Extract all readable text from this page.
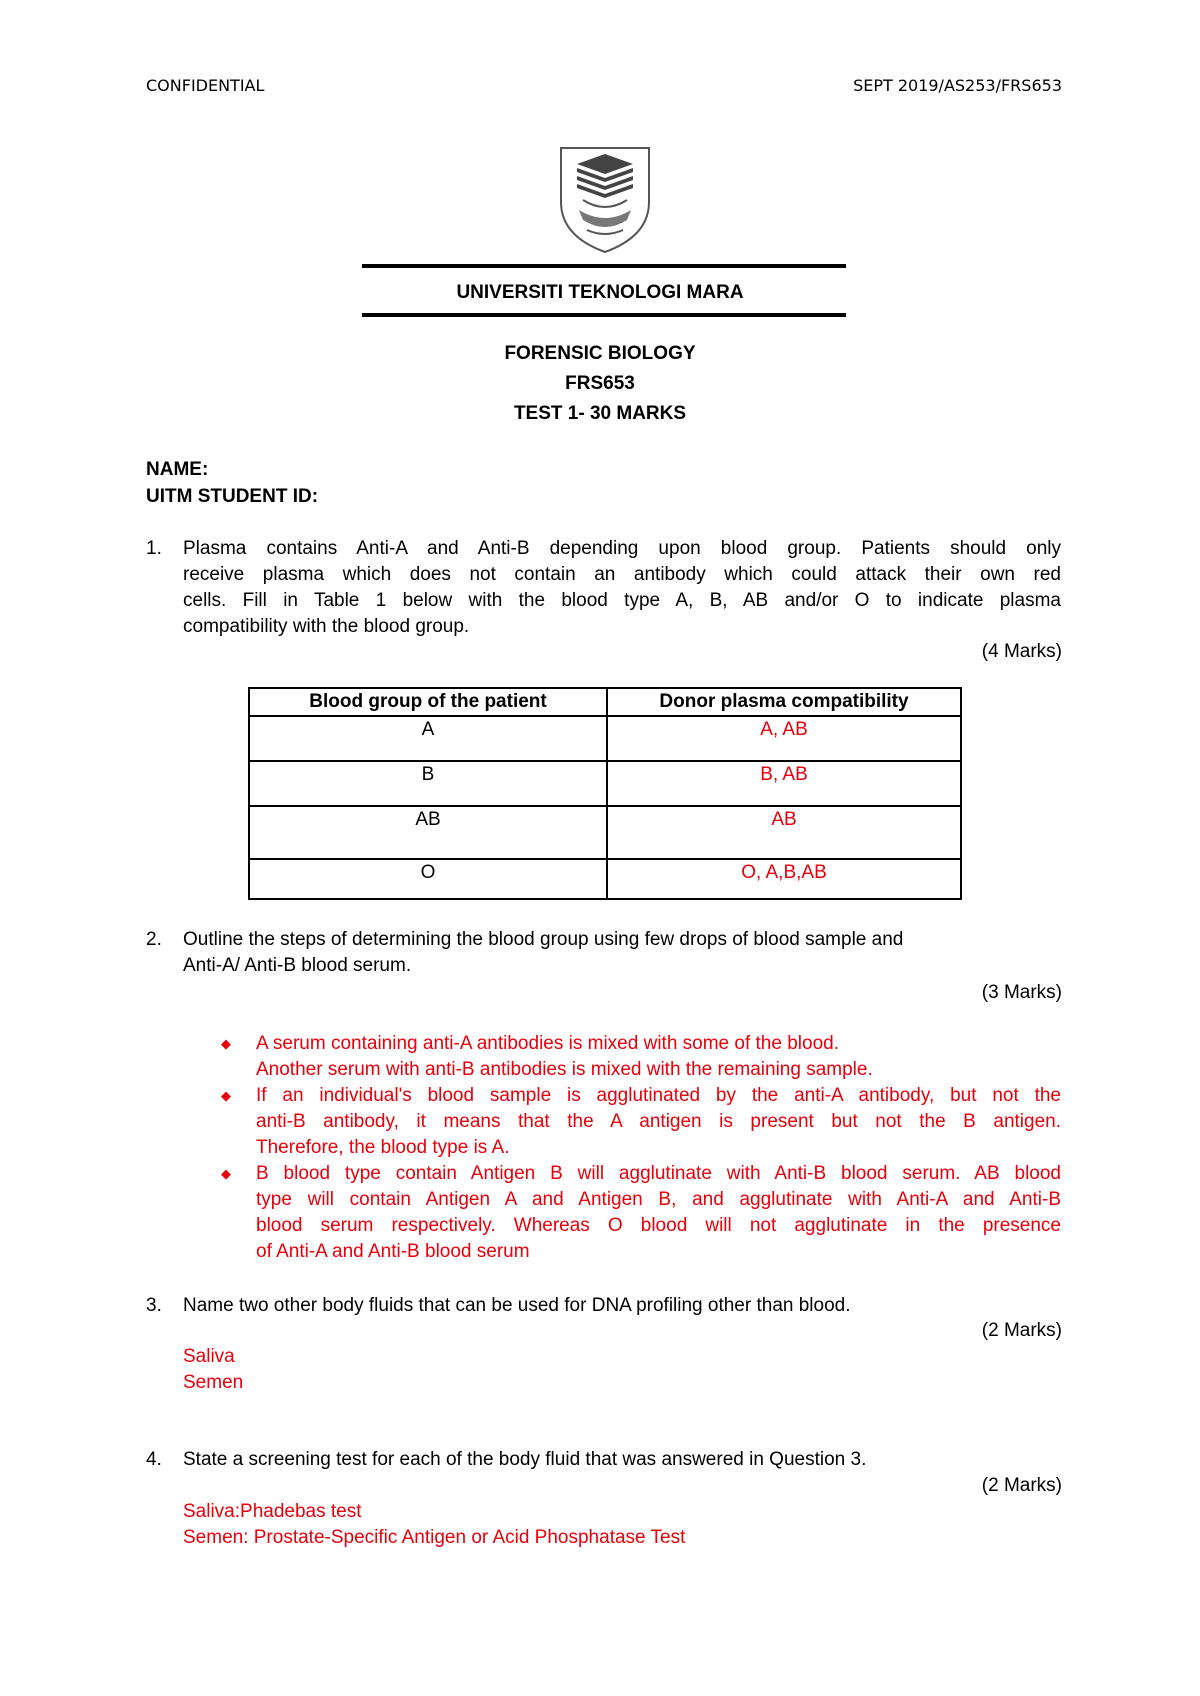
CONFIDENTIAL	SEPT 2019/AS253/FRS653
UNIVERSITI TEKNOLOGI MARA
FORENSIC BIOLOGY
FRS653
TEST 1- 30 MARKS
NAME:
UITM STUDENT ID:
1.	Plasma contains Anti-A and Anti-B depending upon blood group. Patients should only
receive plasma which does not contain an antibody which could attack their own red
cells. Fill in Table 1 below with the blood type A, B, AB and/or O to indicate plasma
compatibility with the blood group.
(4 Marks)
Blood group of the patient	Donor plasma compatibility
A	A, AB
B	B, AB
AB	AB
O	O, A,B,AB
2.	Outline the steps of determining the blood group using few drops of blood sample and
Anti-A/ Anti-B blood serum.
(3 Marks)
◆ A serum containing anti-A antibodies is mixed with some of the blood.
Another serum with anti-B antibodies is mixed with the remaining sample.
◆ If an individual's blood sample is agglutinated by the anti-A antibody, but not the
anti-B antibody, it means that the A antigen is present but not the B antigen.
Therefore, the blood type is A.
◆ B blood type contain Antigen B will agglutinate with Anti-B blood serum. AB blood
type will contain Antigen A and Antigen B, and agglutinate with Anti-A and Anti-B
blood serum respectively. Whereas O blood will not agglutinate in the presence
of Anti-A and Anti-B blood serum
3.	Name two other body fluids that can be used for DNA profiling other than blood.
(2 Marks)
Saliva
Semen
4.	State a screening test for each of the body fluid that was answered in Question 3.
(2 Marks)
Saliva:Phadebas test
Semen: Prostate-Specific Antigen or Acid Phosphatase Test
